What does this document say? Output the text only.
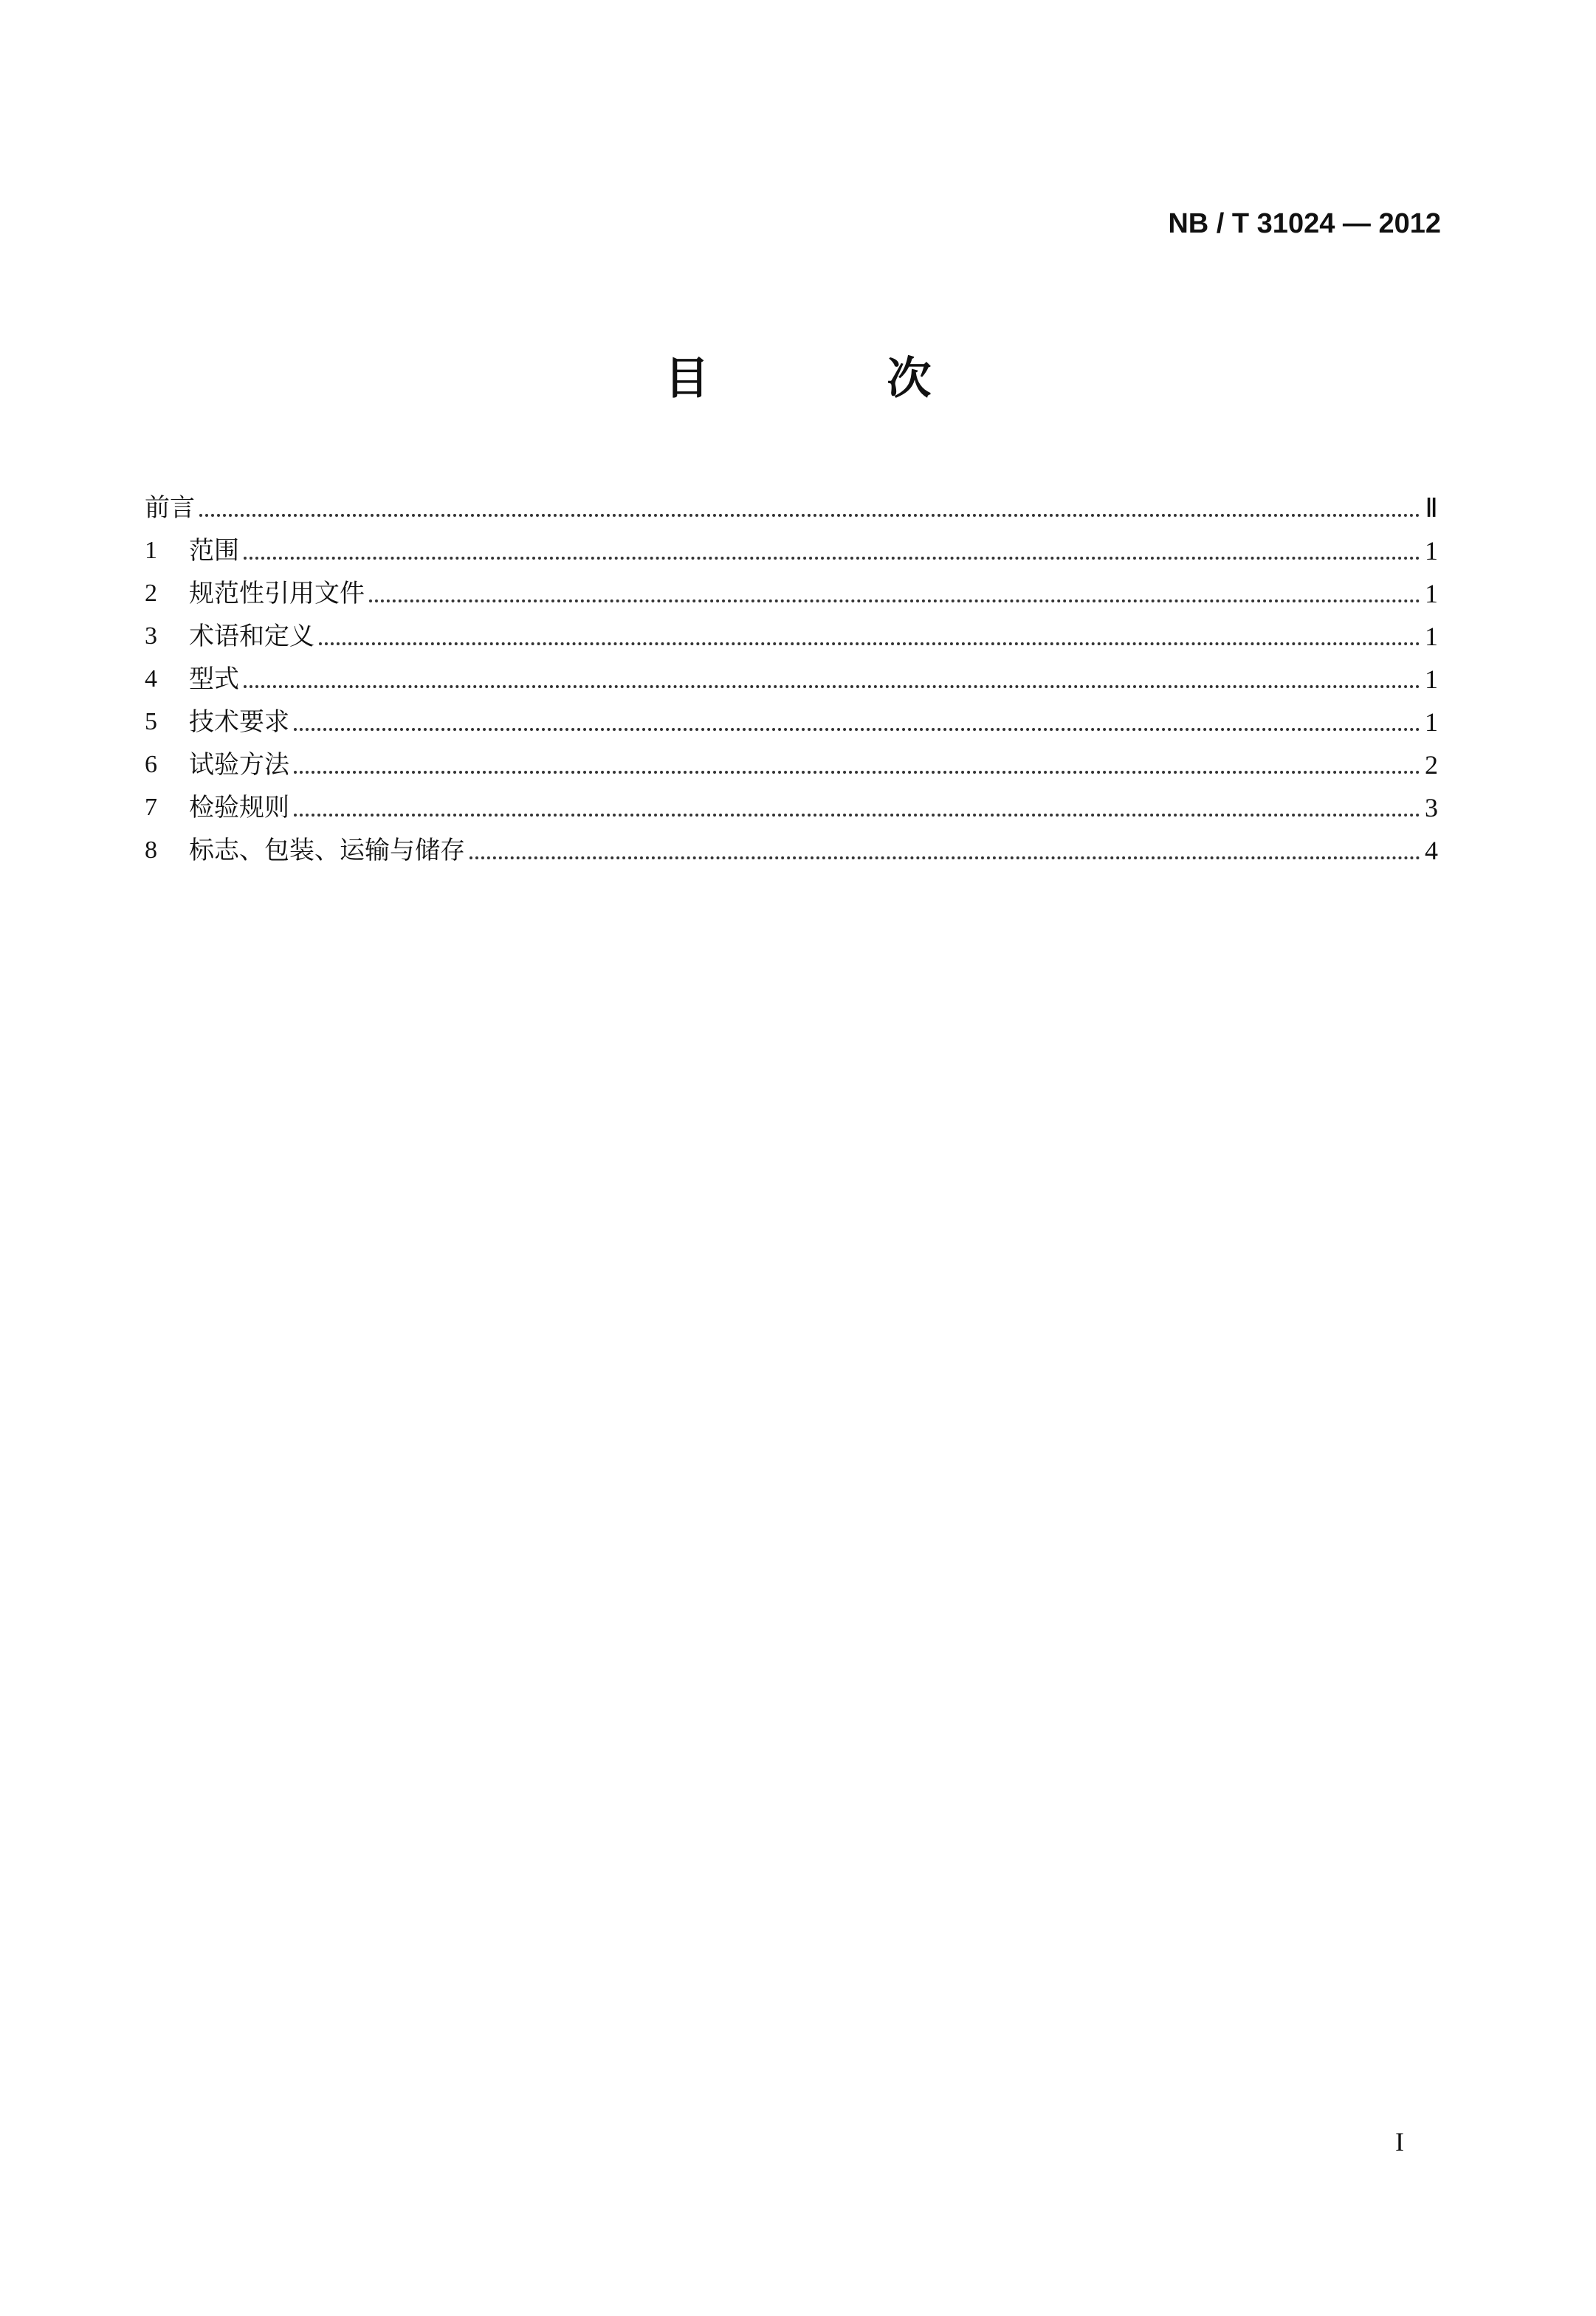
NB / T 31024 — 2012
目 次
前言	Ⅱ
1	范围	1
2	规范性引用文件	1
3	术语和定义	1
4	型式	1
5	技术要求	1
6	试验方法	2
7	检验规则	3
8	标志、包装、运输与储存	4
I
